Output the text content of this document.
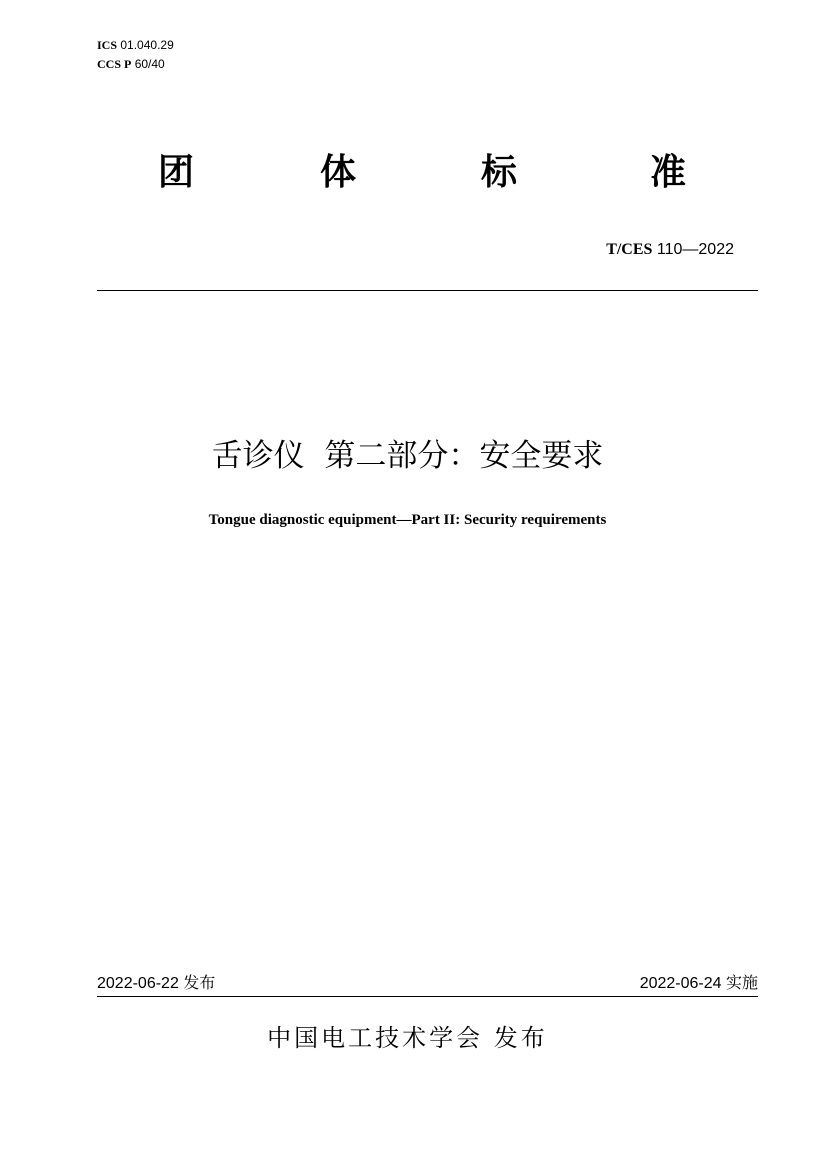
ICS 01.040.29
CCS P 60/40
团	体	标	准
T/CES 110—2022
舌诊仪  第二部分：安全要求
Tongue diagnostic equipment—Part II: Security requirements
2022-06-22 发布	2022-06-24 实施
中国电工技术学会 发布
